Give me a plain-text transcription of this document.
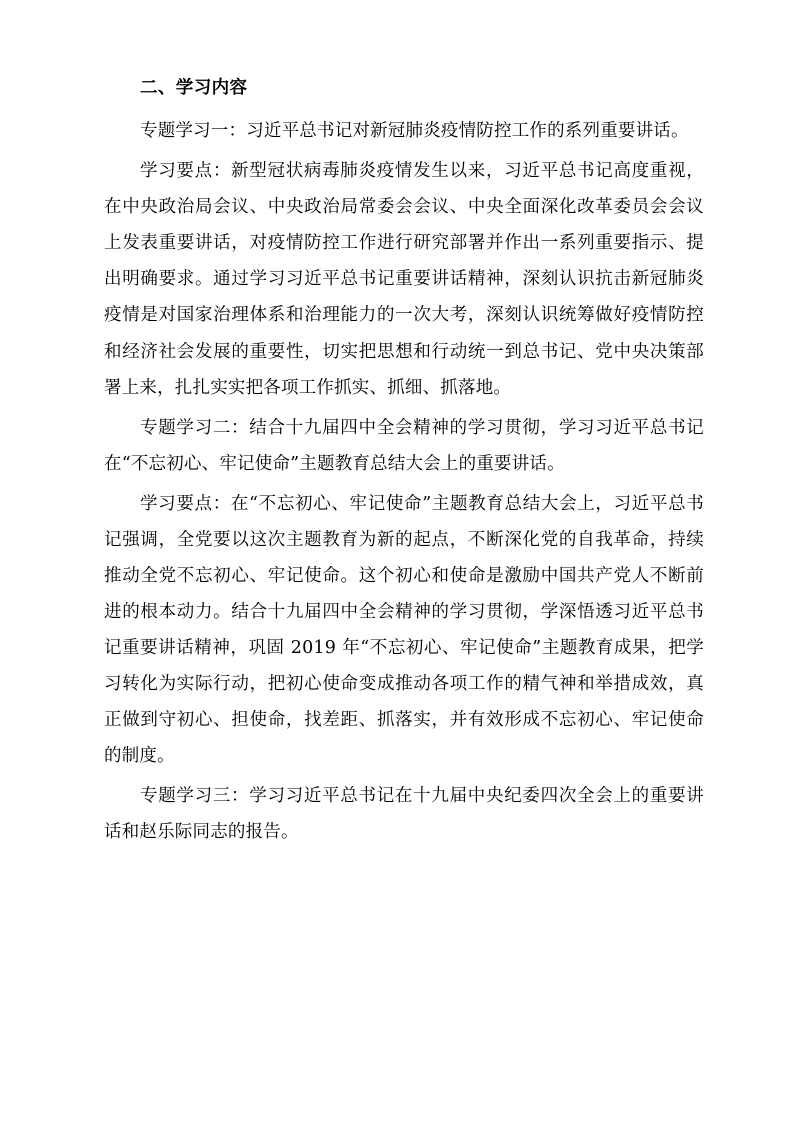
二、学习内容

专题学习一：习近平总书记对新冠肺炎疫情防控工作的系列重要讲话。

学习要点：新型冠状病毒肺炎疫情发生以来，习近平总书记高度重视，在中央政治局会议、中央政治局常委会会议、中央全面深化改革委员会会议上发表重要讲话，对疫情防控工作进行研究部署并作出一系列重要指示、提出明确要求。通过学习习近平总书记重要讲话精神，深刻认识抗击新冠肺炎疫情是对国家治理体系和治理能力的一次大考，深刻认识统筹做好疫情防控和经济社会发展的重要性，切实把思想和行动统一到总书记、党中央决策部署上来，扎扎实实把各项工作抓实、抓细、抓落地。

专题学习二：结合十九届四中全会精神的学习贯彻，学习习近平总书记在“不忘初心、牢记使命”主题教育总结大会上的重要讲话。

学习要点：在“不忘初心、牢记使命”主题教育总结大会上，习近平总书记强调，全党要以这次主题教育为新的起点，不断深化党的自我革命，持续推动全党不忘初心、牢记使命。这个初心和使命是激励中国共产党人不断前进的根本动力。结合十九届四中全会精神的学习贯彻，学深悟透习近平总书记重要讲话精神，巩固 2019 年“不忘初心、牢记使命”主题教育成果，把学习转化为实际行动，把初心使命变成推动各项工作的精气神和举措成效，真正做到守初心、担使命，找差距、抓落实，并有效形成不忘初心、牢记使命的制度。

专题学习三：学习习近平总书记在十九届中央纪委四次全会上的重要讲话和赵乐际同志的报告。
